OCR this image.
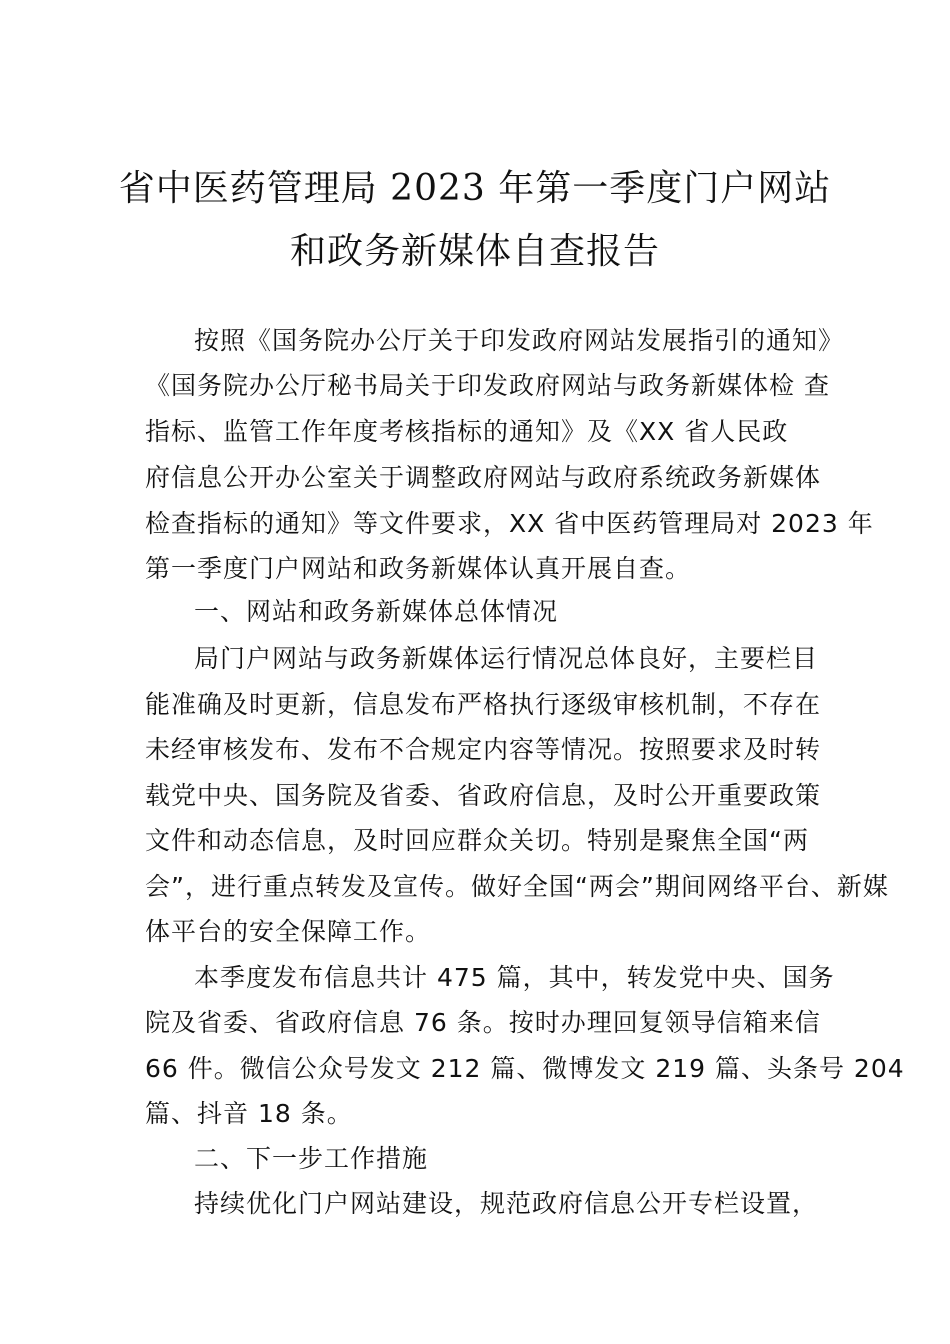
省中医药管理局 2023 年第一季度门户网站
和政务新媒体自查报告
按照《国务院办公厅关于印发政府网站发展指引的通知》
《国务院办公厅秘书局关于印发政府网站与政务新媒体检 查
指标、监管工作年度考核指标的通知》及《XX 省人民政
府信息公开办公室关于调整政府网站与政府系统政务新媒体
检查指标的通知》等文件要求，XX 省中医药管理局对 2023 年
第一季度门户网站和政务新媒体认真开展自查。
一、网站和政务新媒体总体情况
局门户网站与政务新媒体运行情况总体良好，主要栏目
能准确及时更新，信息发布严格执行逐级审核机制，不存在
未经审核发布、发布不合规定内容等情况。按照要求及时转
载党中央、国务院及省委、省政府信息，及时公开重要政策
文件和动态信息，及时回应群众关切。特别是聚焦全国“两
会”，进行重点转发及宣传。做好全国“两会”期间网络平台、新媒
体平台的安全保障工作。
本季度发布信息共计 475 篇，其中，转发党中央、国务
院及省委、省政府信息 76 条。按时办理回复领导信箱来信
66 件。微信公众号发文 212 篇、微博发文 219 篇、头条号 204
篇、抖音 18 条。
二、下一步工作措施
持续优化门户网站建设，规范政府信息公开专栏设置，
